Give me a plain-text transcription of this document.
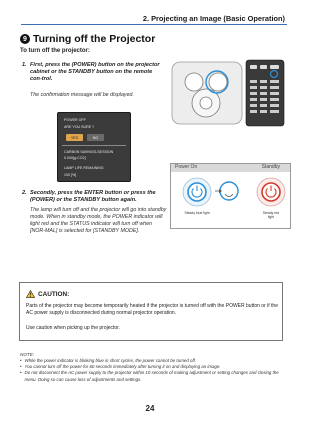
2. Projecting an Image (Basic Operation)
9 Turning off the Projector
To turn off the projector:
1. First, press the (POWER) button on the projector cabinet or the STANDBY button on the remote con-trol.
The confirmation message will be displayed.
POWER OFF
ARE YOU SURE ?
YES	NO
CARBON SAVINGS-SESSION
0.000[g-CO2]
LAMP LIFE REMAINING
100 [%]
2. Secondly, press the ENTER button or press the (POWER) or the STANDBY button again.
The lamp will turn off and the projector will go into standby mode. When in standby mode, the POWER indicator will light red and the STATUS indicator will turn off when [NOR-MAL] is selected for [STANDBY MODE].
Power On	Standby
Steady blue light	Steady red light
CAUTION:
Parts of the projector may become temporarily heated if the projector is turned off with the POWER button or if the AC power supply is disconnected during normal projector operation.
Use caution when picking up the projector.
NOTE:
• While the power indicator is blinking blue in short cycles, the power cannot be turned off.
• You cannot turn off the power for 60 seconds immediately after turning it on and displaying an image.
• Do not disconnect the AC power supply to the projector within 10 seconds of making adjustment or setting changes and closing the menu. Doing so can cause loss of adjustments and settings.
24
